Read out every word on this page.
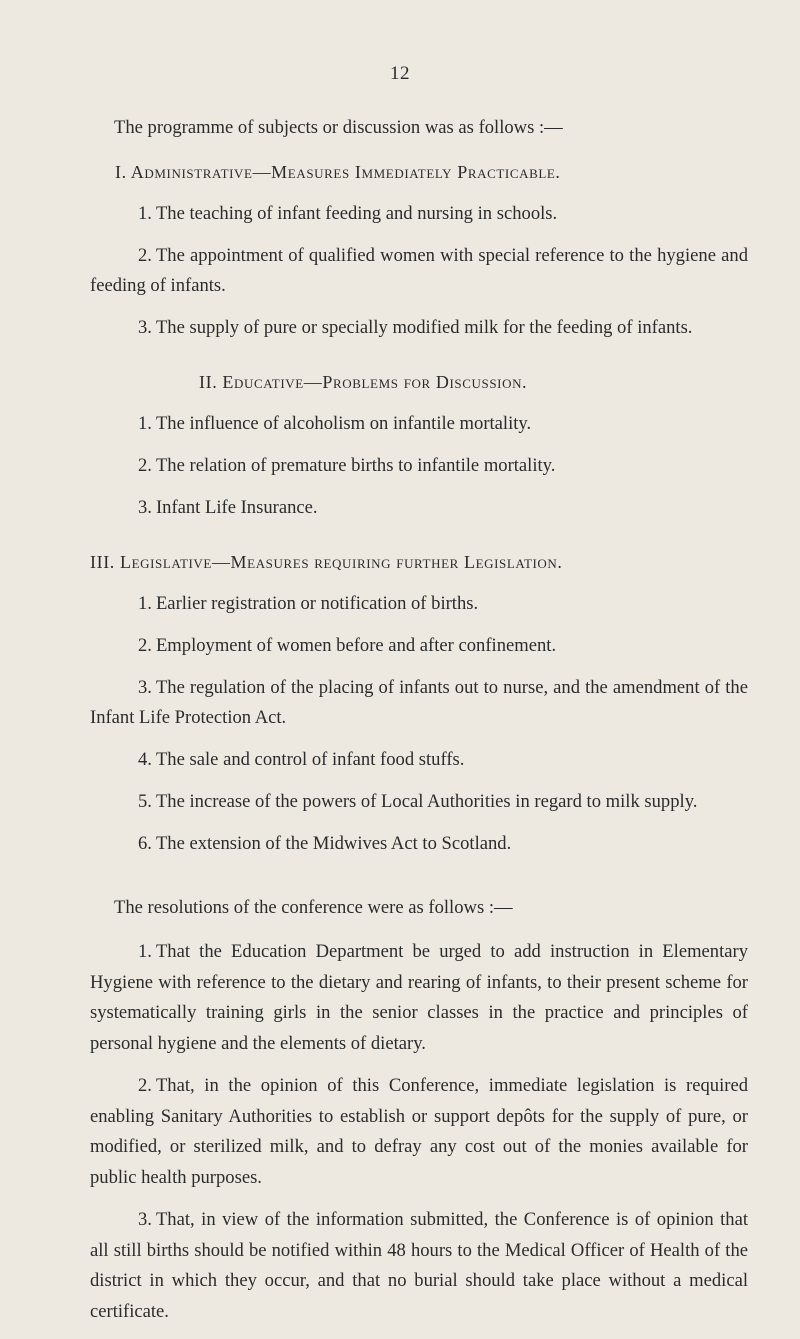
12

The programme of subjects or discussion was as follows :—

I. Administrative—Measures Immediately Practicable.

1. The teaching of infant feeding and nursing in schools.

2. The appointment of qualified women with special reference to the hygiene and feeding of infants.

3. The supply of pure or specially modified milk for the feeding of infants.

II. Educative—Problems for Discussion.

1. The influence of alcoholism on infantile mortality.

2. The relation of premature births to infantile mortality.

3. Infant Life Insurance.

III. Legislative—Measures requiring further Legislation.

1. Earlier registration or notification of births.

2. Employment of women before and after confinement.

3. The regulation of the placing of infants out to nurse, and the amendment of the Infant Life Protection Act.

4. The sale and control of infant food stuffs.

5. The increase of the powers of Local Authorities in regard to milk supply.

6. The extension of the Midwives Act to Scotland.

The resolutions of the conference were as follows :—

1. That the Education Department be urged to add instruction in Elementary Hygiene with reference to the dietary and rearing of infants, to their present scheme for systematically training girls in the senior classes in the practice and principles of personal hygiene and the elements of dietary.

2. That, in the opinion of this Conference, immediate legislation is required enabling Sanitary Authorities to establish or support depôts for the supply of pure, or modified, or sterilized milk, and to defray any cost out of the monies available for public health purposes.

3. That, in view of the information submitted, the Conference is of opinion that all still births should be notified within 48 hours to the Medical Officer of Health of the district in which they occur, and that no burial should take place without a medical certificate.
